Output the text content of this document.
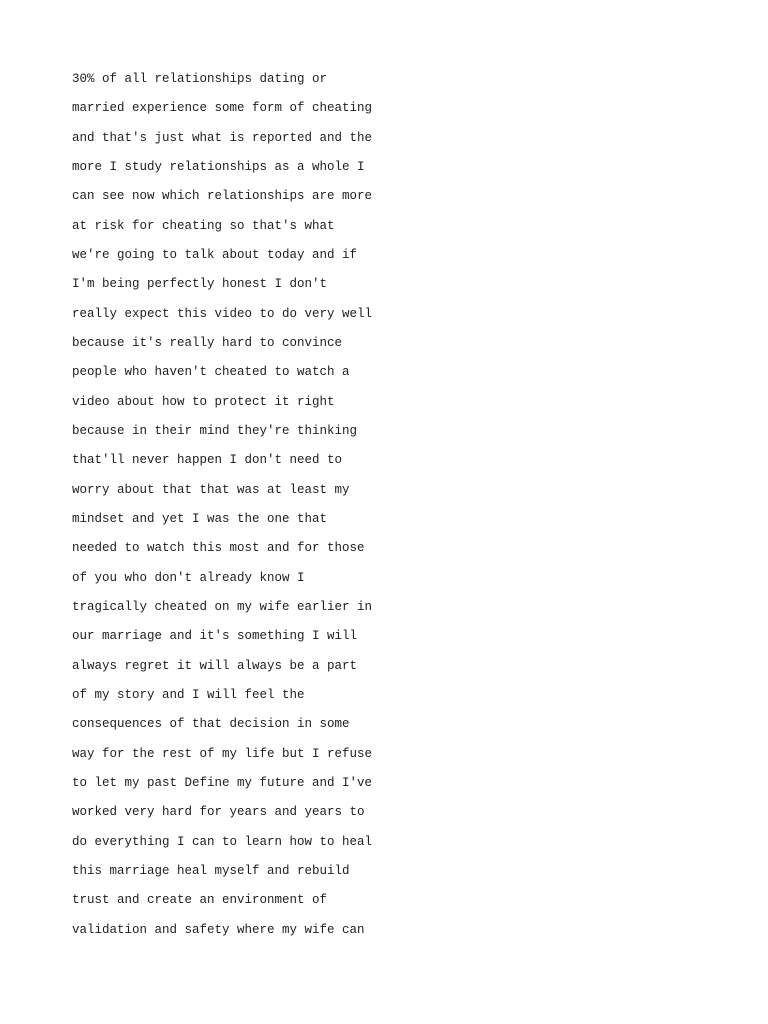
30% of all relationships dating or
married experience some form of cheating
and that's just what is reported and the
more I study relationships as a whole I
can see now which relationships are more
at risk for cheating so that's what
we're going to talk about today and if
I'm being perfectly honest I don't
really expect this video to do very well
because it's really hard to convince
people who haven't cheated to watch a
video about how to protect it right
because in their mind they're thinking
that'll never happen I don't need to
worry about that that was at least my
mindset and yet I was the one that
needed to watch this most and for those
of you who don't already know I
tragically cheated on my wife earlier in
our marriage and it's something I will
always regret it will always be a part
of my story and I will feel the
consequences of that decision in some
way for the rest of my life but I refuse
to let my past Define my future and I've
worked very hard for years and years to
do everything I can to learn how to heal
this marriage heal myself and rebuild
trust and create an environment of
validation and safety where my wife can
